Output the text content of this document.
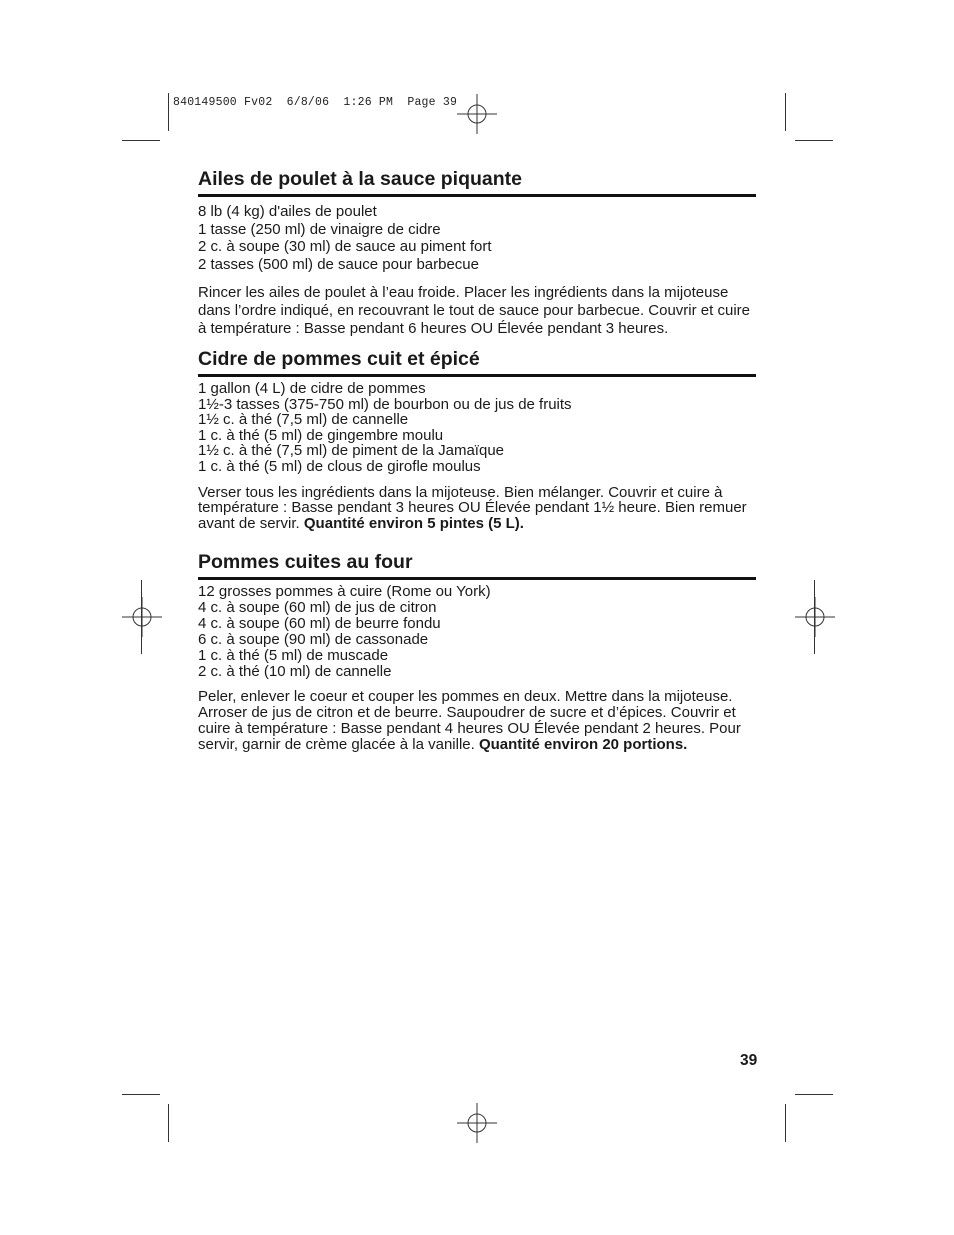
840149500 Fv02  6/8/06  1:26 PM  Page 39
Ailes de poulet à la sauce piquante
8 lb (4 kg) d'ailes de poulet
1 tasse (250 ml) de vinaigre de cidre
2 c. à soupe (30 ml) de sauce au piment fort
2 tasses (500 ml) de sauce pour barbecue

Rincer les ailes de poulet à l’eau froide. Placer les ingrédients dans la mijoteuse dans l’ordre indiqué, en recouvrant le tout de sauce pour barbecue. Couvrir et cuire à température : Basse pendant 6 heures OU Élevée pendant 3 heures.

Cidre de pommes cuit et épicé
1 gallon (4 L) de cidre de pommes
1½-3 tasses (375-750 ml) de bourbon ou de jus de fruits
1½ c. à thé (7,5 ml) de cannelle
1 c. à thé (5 ml) de gingembre moulu
1½ c. à thé (7,5 ml) de piment de la Jamaïque
1 c. à thé (5 ml) de clous de girofle moulus

Verser tous les ingrédients dans la mijoteuse. Bien mélanger. Couvrir et cuire à température : Basse pendant 3 heures OU Élevée pendant 1½ heure. Bien remuer avant de servir. Quantité environ 5 pintes (5 L).

Pommes cuites au four
12 grosses pommes à cuire (Rome ou York)
4 c. à soupe (60 ml) de jus de citron
4 c. à soupe (60 ml) de beurre fondu
6 c. à soupe (90 ml) de cassonade
1 c. à thé (5 ml) de muscade
2 c. à thé (10 ml) de cannelle

Peler, enlever le coeur et couper les pommes en deux. Mettre dans la mijoteuse. Arroser de jus de citron et de beurre. Saupoudrer de sucre et d’épices. Couvrir et cuire à température : Basse pendant 4 heures OU Élevée pendant 2 heures. Pour servir, garnir de crème glacée à la vanille. Quantité environ 20 portions.

39
